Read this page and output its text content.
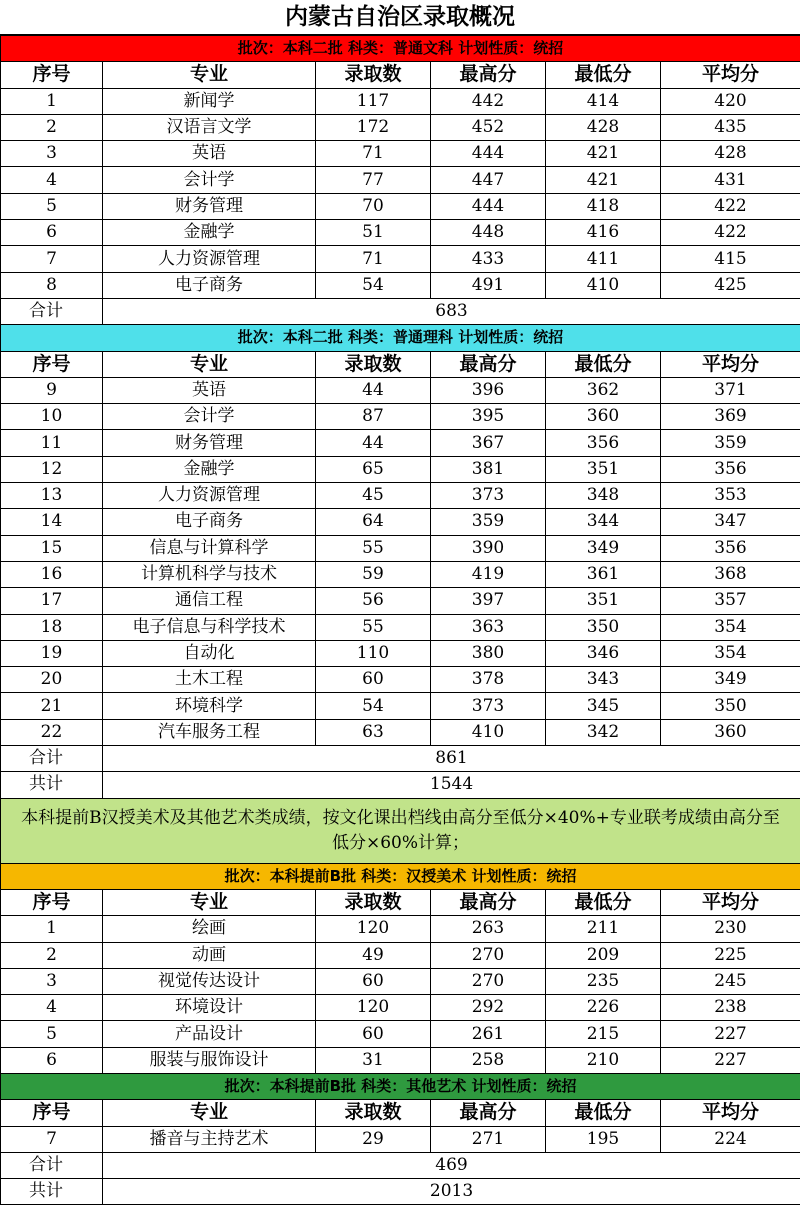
内蒙古自治区录取概况
批次：本科二批 科类：普通文科 计划性质：统招					
序号	专业	录取数	最高分	最低分	平均分
1	新闻学	117	442	414	420
2	汉语言文学	172	452	428	435
3	英语	71	444	421	428
4	会计学	77	447	421	431
5	财务管理	70	444	418	422
6	金融学	51	448	416	422
7	人力资源管理	71	433	411	415
8	电子商务	54	491	410	425
合计	683				
批次：本科二批 科类：普通理科 计划性质：统招					
序号	专业	录取数	最高分	最低分	平均分
9	英语	44	396	362	371
10	会计学	87	395	360	369
11	财务管理	44	367	356	359
12	金融学	65	381	351	356
13	人力资源管理	45	373	348	353
14	电子商务	64	359	344	347
15	信息与计算科学	55	390	349	356
16	计算机科学与技术	59	419	361	368
17	通信工程	56	397	351	357
18	电子信息与科学技术	55	363	350	354
19	自动化	110	380	346	354
20	土木工程	60	378	343	349
21	环境科学	54	373	345	350
22	汽车服务工程	63	410	342	360
合计	861				
共计	1544				
本科提前B汉授美术及其他艺术类成绩，按文化课出档线由高分至低分×40%+专业联考成绩由高分至低分×60%计算；					
批次：本科提前B批 科类：汉授美术 计划性质：统招					
序号	专业	录取数	最高分	最低分	平均分
1	绘画	120	263	211	230
2	动画	49	270	209	225
3	视觉传达设计	60	270	235	245
4	环境设计	120	292	226	238
5	产品设计	60	261	215	227
6	服装与服饰设计	31	258	210	227
批次：本科提前B批 科类：其他艺术 计划性质：统招					
序号	专业	录取数	最高分	最低分	平均分
7	播音与主持艺术	29	271	195	224
合计	469				
共计	2013				
